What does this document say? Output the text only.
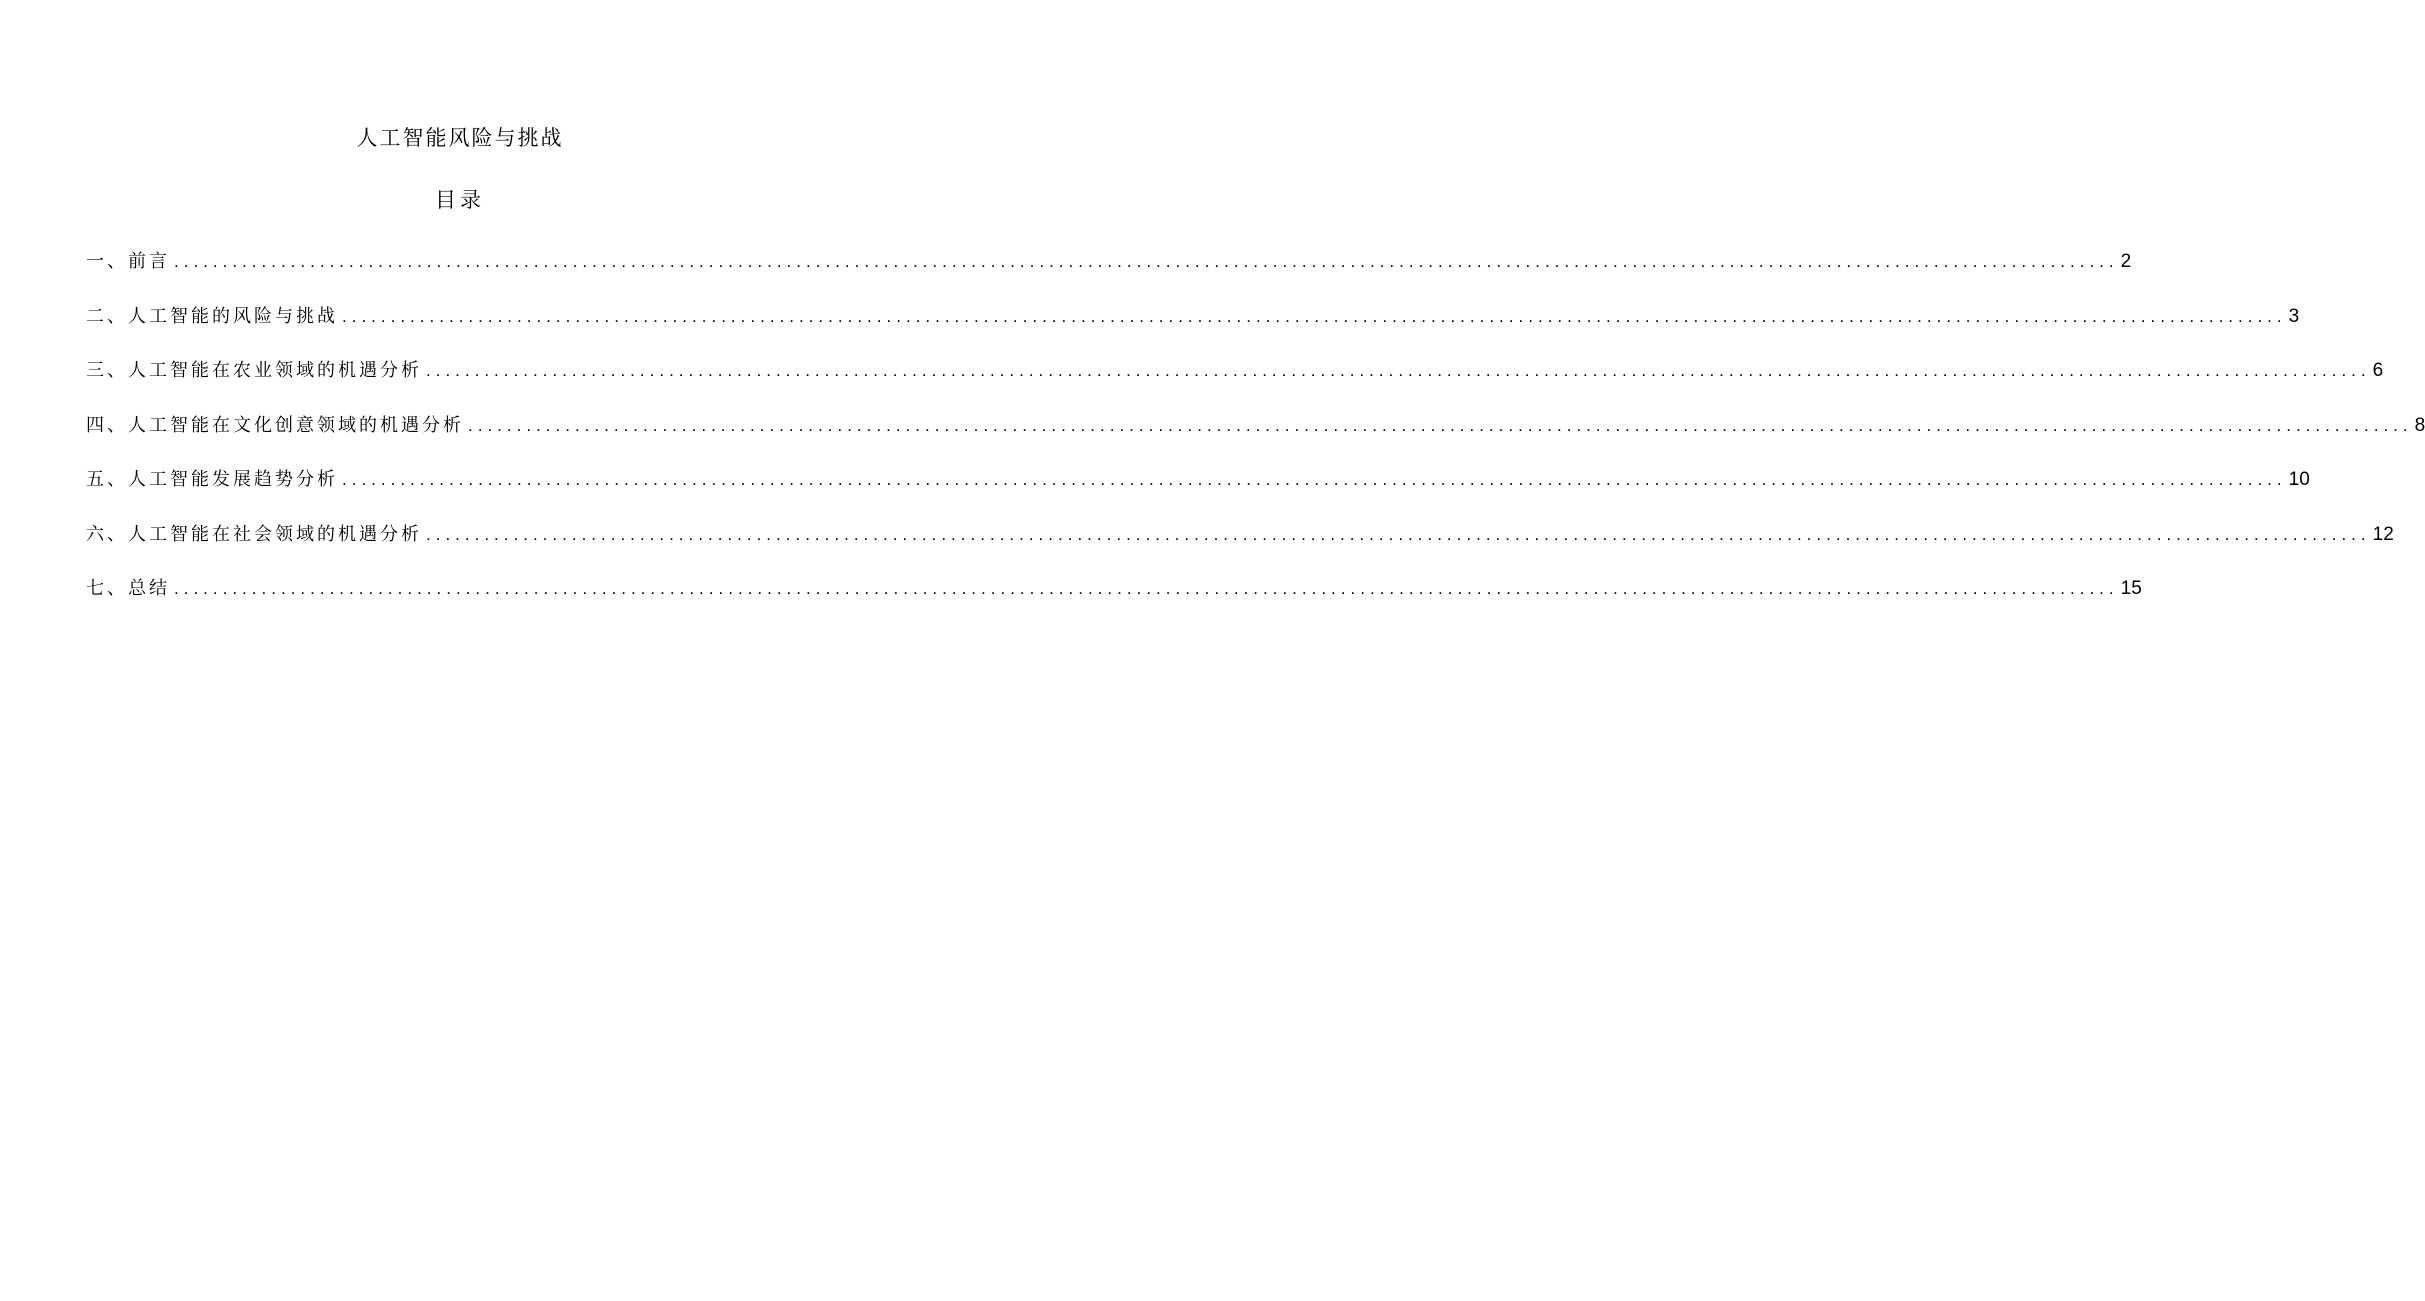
人工智能风险与挑战
目录
一、前言 ........................................................................................................................................................................................................ 2
二、人工智能的风险与挑战 ........................................................................................................................................................................................................ 3
三、人工智能在农业领域的机遇分析 ........................................................................................................................................................................................................ 6
四、人工智能在文化创意领域的机遇分析 ........................................................................................................................................................................................................ 8
五、人工智能发展趋势分析 ........................................................................................................................................................................................................ 10
六、人工智能在社会领域的机遇分析 ........................................................................................................................................................................................................ 12
七、总结 ........................................................................................................................................................................................................ 15
